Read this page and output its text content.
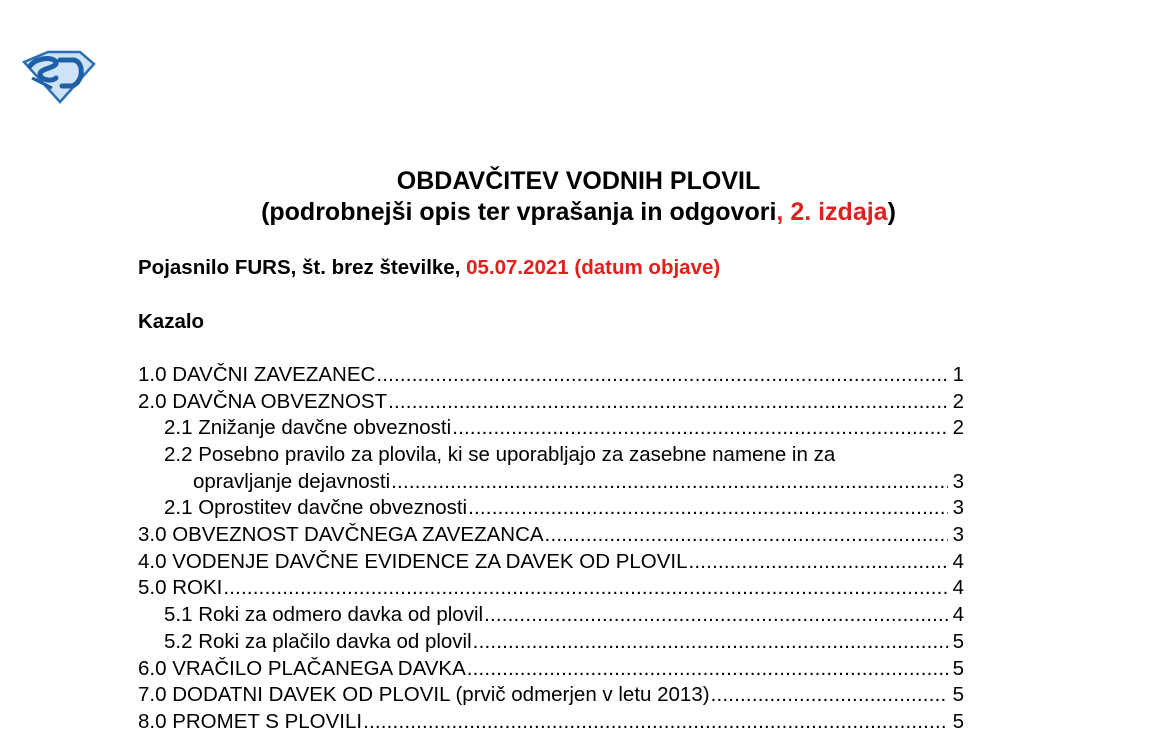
OBDAVČITEV VODNIH PLOVIL
(podrobnejši opis ter vprašanja in odgovori, 2. izdaja)
Pojasnilo FURS, št. brez številke, 05.07.2021 (datum objave)
Kazalo
1.0 DAVČNI ZAVEZANEC .....	1
2.0 DAVČNA OBVEZNOST .....	2
2.1 Znižanje davčne obveznosti .....	2
2.2 Posebno pravilo za plovila, ki se uporabljajo za zasebne namene in za
opravljanje dejavnosti .....	3
2.1 Oprostitev davčne obveznosti .....	3
3.0 OBVEZNOST DAVČNEGA ZAVEZANCA .....	3
4.0 VODENJE DAVČNE EVIDENCE ZA DAVEK OD PLOVIL .....	4
5.0 ROKI .....	4
5.1 Roki za odmero davka od plovil .....	4
5.2 Roki za plačilo davka od plovil .....	5
6.0 VRAČILO PLAČANEGA DAVKA .....	5
7.0 DODATNI DAVEK OD PLOVIL (prvič odmerjen v letu 2013) .....	5
8.0 PROMET S PLOVILI .....	5
